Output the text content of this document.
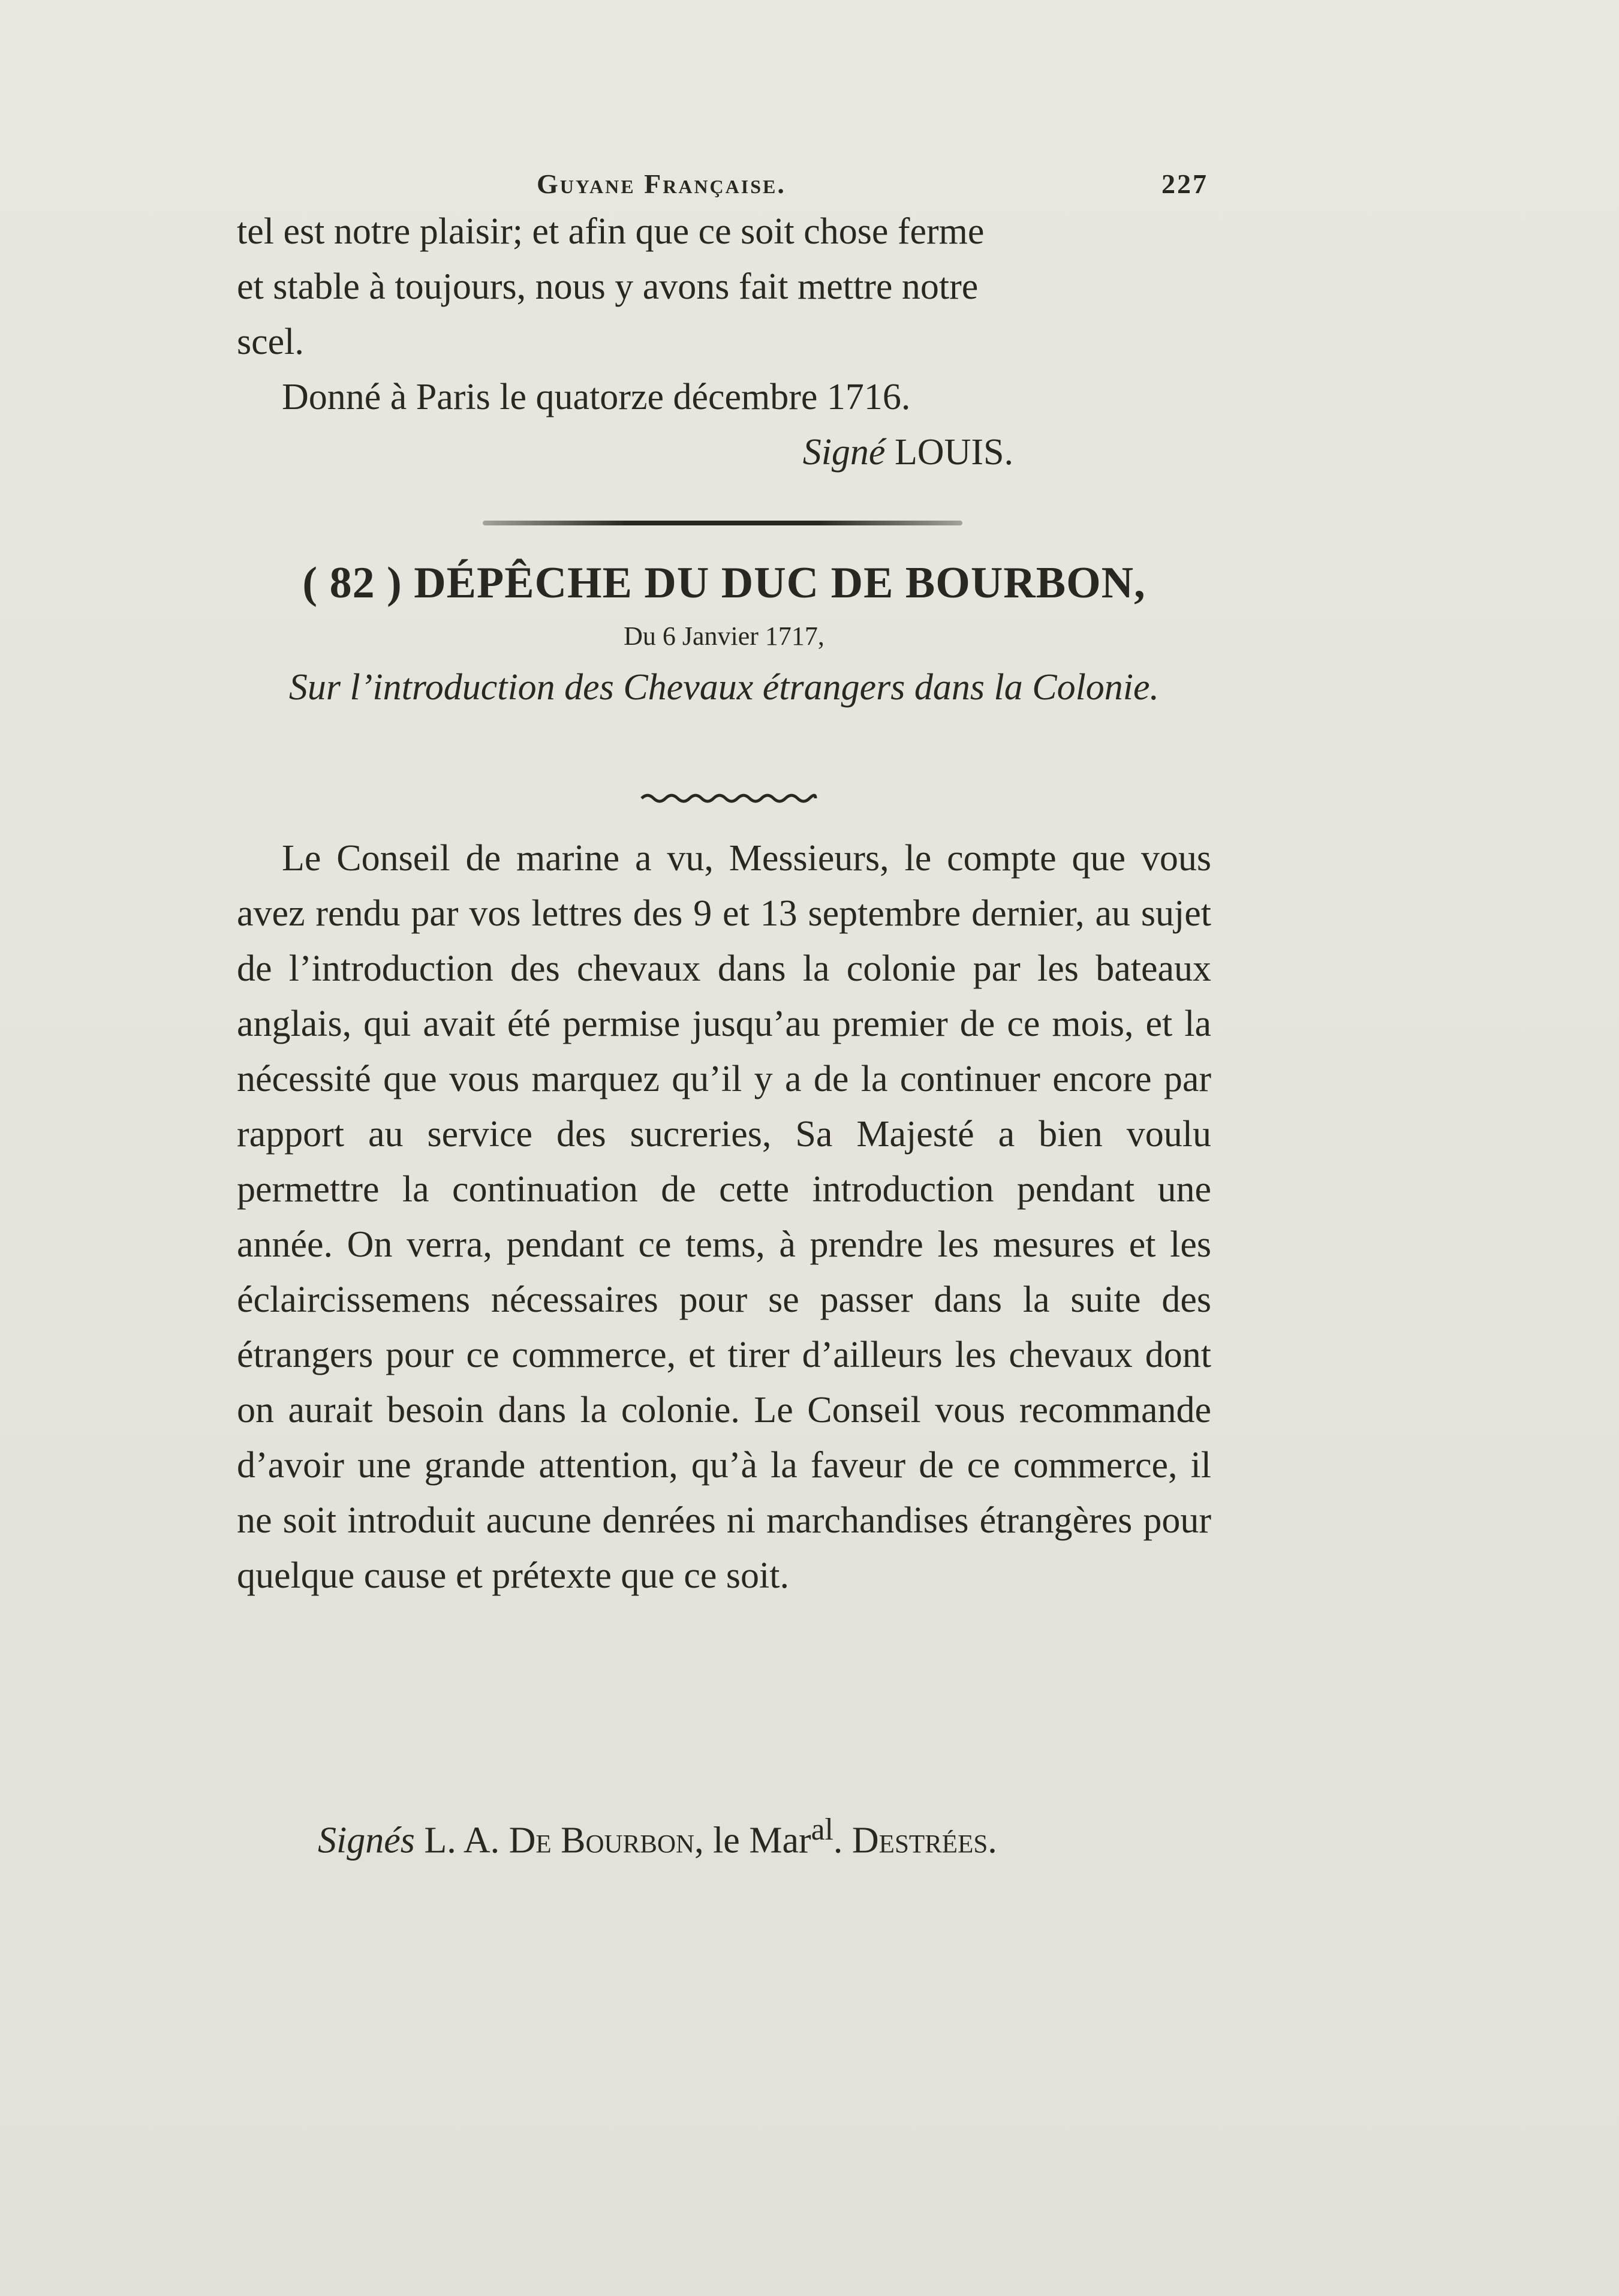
Guyane Française.	227
tel est notre plaisir; et afin que ce soit chose ferme
et stable à toujours, nous y avons fait mettre notre
scel.
Donné à Paris le quatorze décembre 1716.
Signé LOUIS.
( 82 ) DÉPÊCHE DU DUC DE BOURBON,
Du 6 Janvier 1717,
Sur l’introduction des Chevaux étrangers dans la Colonie.
Le Conseil de marine a vu, Messieurs, le compte que vous avez rendu par vos lettres des 9 et 13 septembre dernier, au sujet de l’introduction des chevaux dans la colonie par les bateaux anglais, qui avait été permise jusqu’au premier de ce mois, et la nécessité que vous marquez qu’il y a de la continuer encore par rapport au service des sucreries, Sa Majesté a bien voulu permettre la continuation de cette introduction pendant une année. On verra, pendant ce tems, à prendre les mesures et les éclaircissemens nécessaires pour se passer dans la suite des étrangers pour ce commerce, et tirer d’ailleurs les chevaux dont on aurait besoin dans la colonie. Le Conseil vous recommande d’avoir une grande attention, qu’à la faveur de ce commerce, il ne soit introduit aucune denrées ni marchandises étrangères pour quelque cause et prétexte que ce soit.
Signés L. A. De Bourbon, le Mar$^{al}$. Destrées.
